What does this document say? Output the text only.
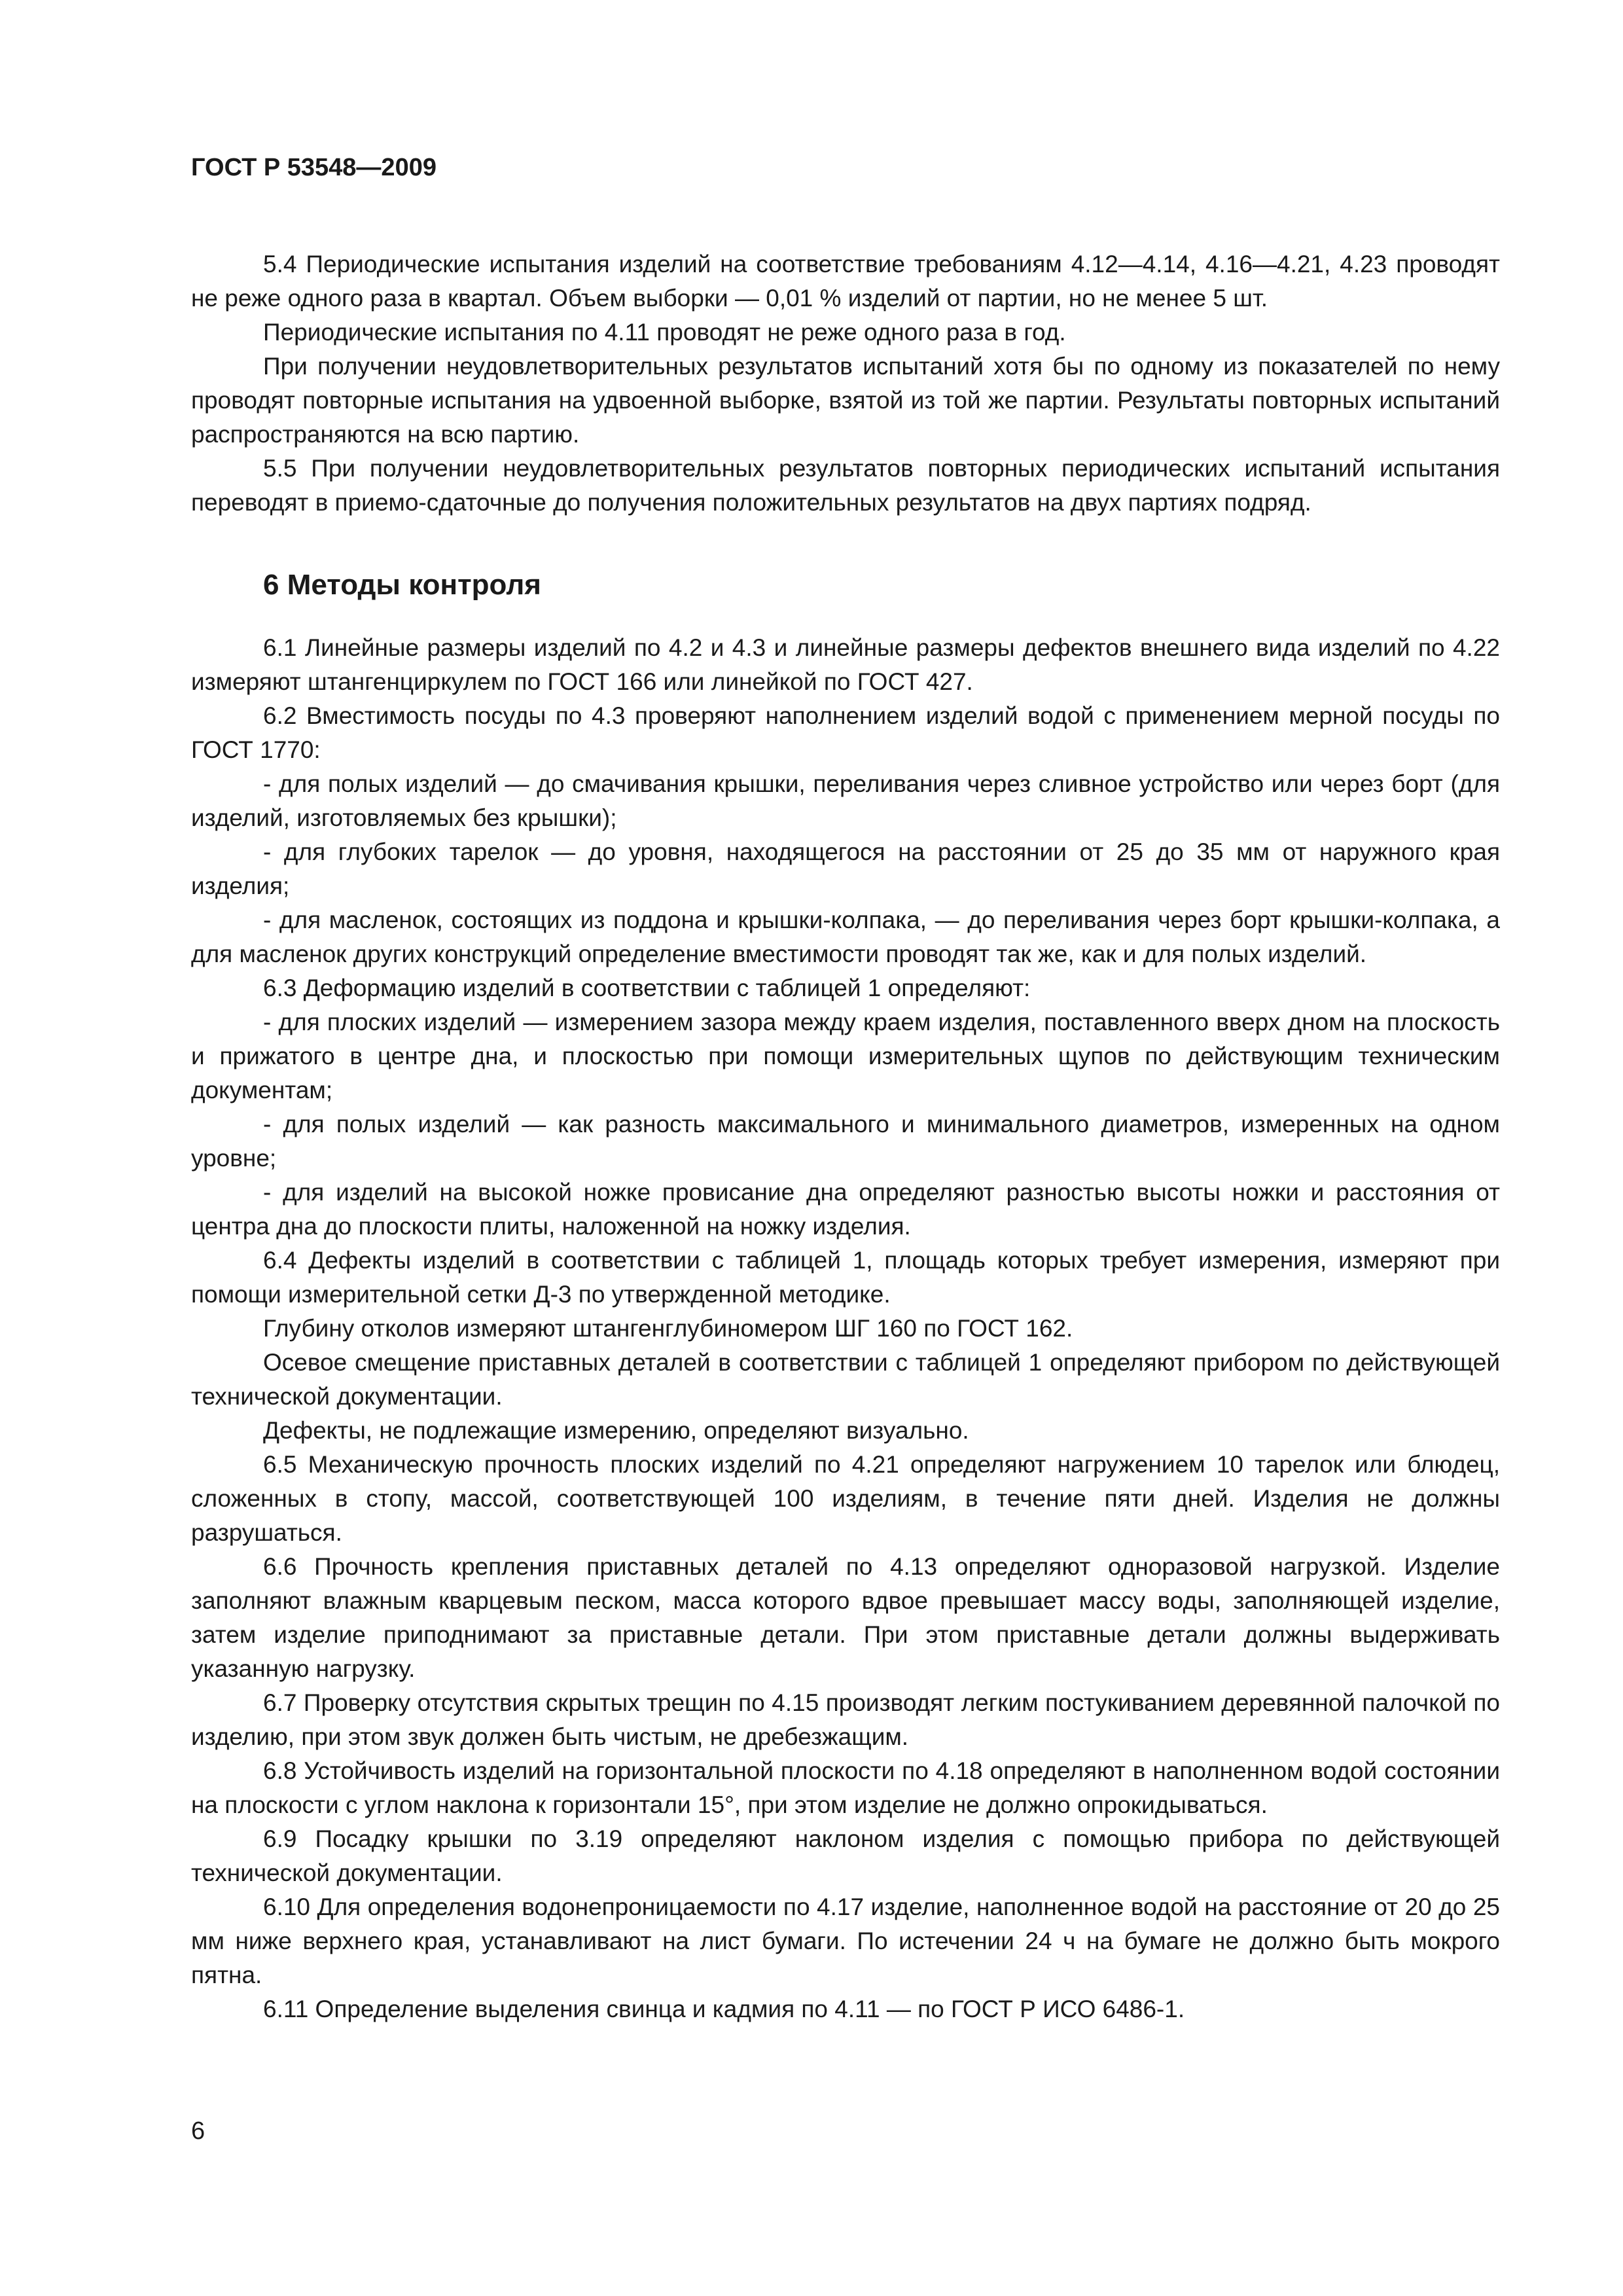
ГОСТ Р 53548—2009

5.4 Периодические испытания изделий на соответствие требованиям 4.12—4.14, 4.16—4.21, 4.23 проводят не реже одного раза в квартал. Объем выборки — 0,01 % изделий от партии, но не менее 5 шт.

Периодические испытания по 4.11 проводят не реже одного раза в год.

При получении неудовлетворительных результатов испытаний хотя бы по одному из показателей по нему проводят повторные испытания на удвоенной выборке, взятой из той же партии. Результаты повторных испытаний распространяются на всю партию.

5.5 При получении неудовлетворительных результатов повторных периодических испытаний испытания переводят в приемо-сдаточные до получения положительных результатов на двух партиях подряд.

6 Методы контроля

6.1 Линейные размеры изделий по 4.2 и 4.3 и линейные размеры дефектов внешнего вида изделий по 4.22 измеряют штангенциркулем по ГОСТ 166 или линейкой по ГОСТ 427.

6.2 Вместимость посуды по 4.3 проверяют наполнением изделий водой с применением мерной посуды по ГОСТ 1770:

- для полых изделий — до смачивания крышки, переливания через сливное устройство или через борт (для изделий, изготовляемых без крышки);

- для глубоких тарелок — до уровня, находящегося на расстоянии от 25 до 35 мм от наружного края изделия;

- для масленок, состоящих из поддона и крышки-колпака, — до переливания через борт крышки-колпака, а для масленок других конструкций определение вместимости проводят так же, как и для полых изделий.

6.3 Деформацию изделий в соответствии с таблицей 1 определяют:

- для плоских изделий — измерением зазора между краем изделия, поставленного вверх дном на плоскость и прижатого в центре дна, и плоскостью при помощи измерительных щупов по действующим техническим документам;

- для полых изделий — как разность максимального и минимального диаметров, измеренных на одном уровне;

- для изделий на высокой ножке провисание дна определяют разностью высоты ножки и расстояния от центра дна до плоскости плиты, наложенной на ножку изделия.

6.4 Дефекты изделий в соответствии с таблицей 1, площадь которых требует измерения, измеряют при помощи измерительной сетки Д-3 по утвержденной методике.

Глубину отколов измеряют штангенглубиномером ШГ 160 по ГОСТ 162.

Осевое смещение приставных деталей в соответствии с таблицей 1 определяют прибором по действующей технической документации.

Дефекты, не подлежащие измерению, определяют визуально.

6.5 Механическую прочность плоских изделий по 4.21 определяют нагружением 10 тарелок или блюдец, сложенных в стопу, массой, соответствующей 100 изделиям, в течение пяти дней. Изделия не должны разрушаться.

6.6 Прочность крепления приставных деталей по 4.13 определяют одноразовой нагрузкой. Изделие заполняют влажным кварцевым песком, масса которого вдвое превышает массу воды, заполняющей изделие, затем изделие приподнимают за приставные детали. При этом приставные детали должны выдерживать указанную нагрузку.

6.7 Проверку отсутствия скрытых трещин по 4.15 производят легким постукиванием деревянной палочкой по изделию, при этом звук должен быть чистым, не дребезжащим.

6.8 Устойчивость изделий на горизонтальной плоскости по 4.18 определяют в наполненном водой состоянии на плоскости с углом наклона к горизонтали 15°, при этом изделие не должно опрокидываться.

6.9 Посадку крышки по 3.19 определяют наклоном изделия с помощью прибора по действующей технической документации.

6.10 Для определения водонепроницаемости по 4.17 изделие, наполненное водой на расстояние от 20 до 25 мм ниже верхнего края, устанавливают на лист бумаги. По истечении 24 ч на бумаге не должно быть мокрого пятна.

6.11 Определение выделения свинца и кадмия по 4.11 — по ГОСТ Р ИСО 6486-1.

6
